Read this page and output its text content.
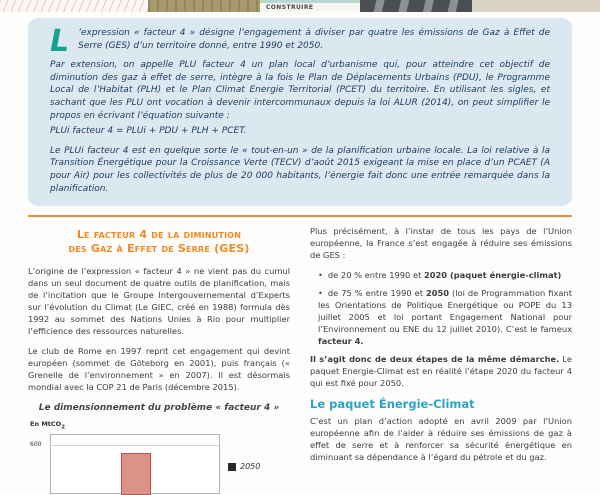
CONSTRUIRE
L ’expression « facteur 4 » désigne l’engagement à diviser par quatre les émissions de Gaz à Effet de Serre (GES) d’un territoire donné, entre 1990 et 2050.

Par extension, on appelle PLU facteur 4 un plan local d’urbanisme qui, pour atteindre cet objectif de diminution des gaz à effet de serre, intègre à la fois le Plan de Déplacements Urbains (PDU), le Programme Local de l’Habitat (PLH) et le Plan Climat Energie Territorial (PCET) du territoire. En utilisant les sigles, et sachant que les PLU ont vocation à devenir intercommunaux depuis la loi ALUR (2014), on peut simplifier le propos en écrivant l’équation suivante :

PLUi facteur 4 = PLUi + PDU + PLH + PCET.

Le PLUi facteur 4 est en quelque sorte le « tout-en-un » de la planification urbaine locale. La loi relative à la Transition Énergétique pour la Croissance Verte (TECV) d’août 2015 exigeant la mise en place d’un PCAET (A pour Air) pour les collectivités de plus de 20 000 habitants, l’énergie fait donc une entrée remarquée dans la planification.

Le facteur 4 de la diminution
des Gaz à Effet de Serre (GES)

L’origine de l’expression « facteur 4 » ne vient pas du cumul dans un seul document de quatre outils de planification, mais de l’incitation que le Groupe Intergouvernemental d’Experts sur l’évolution du Climat (Le GIEC, créé en 1988) formula dès 1992 au sommet des Nations Unies à Rio pour multiplier l’efficience des ressources naturelles.

Le club de Rome en 1997 reprit cet engagement qui devint européen (sommet de Göteborg en 2001), puis français (« Grenelle de l’environnement » en 2007). Il est désormais mondial avec la COP 21 de Paris (décembre 2015).

Le dimensionnement du problème « facteur 4 »
En MtCO$_2$
600
2050

Plus précisément, à l’instar de tous les pays de l’Union européenne, la France s’est engagée à réduire ses émissions de GES :

• de 20 % entre 1990 et 2020 (paquet énergie-climat)
• de 75 % entre 1990 et 2050 (loi de Programmation fixant les Orientations de Politique Energétique ou POPE du 13 juillet 2005 et loi portant Engagement National pour l’Environnement ou ENE du 12 juillet 2010). C’est le fameux facteur 4.

Il s’agit donc de deux étapes de la même démarche. Le paquet Energie-Climat est en réalité l’étape 2020 du facteur 4 qui est fixé pour 2050.

Le paquet Énergie-Climat

C’est un plan d’action adopté en avril 2009 par l’Union européenne afin de l’aider à réduire ses émissions de gaz à effet de serre et à renforcer sa sécurité énergétique en diminuant sa dépendance à l’égard du pétrole et du gaz.
